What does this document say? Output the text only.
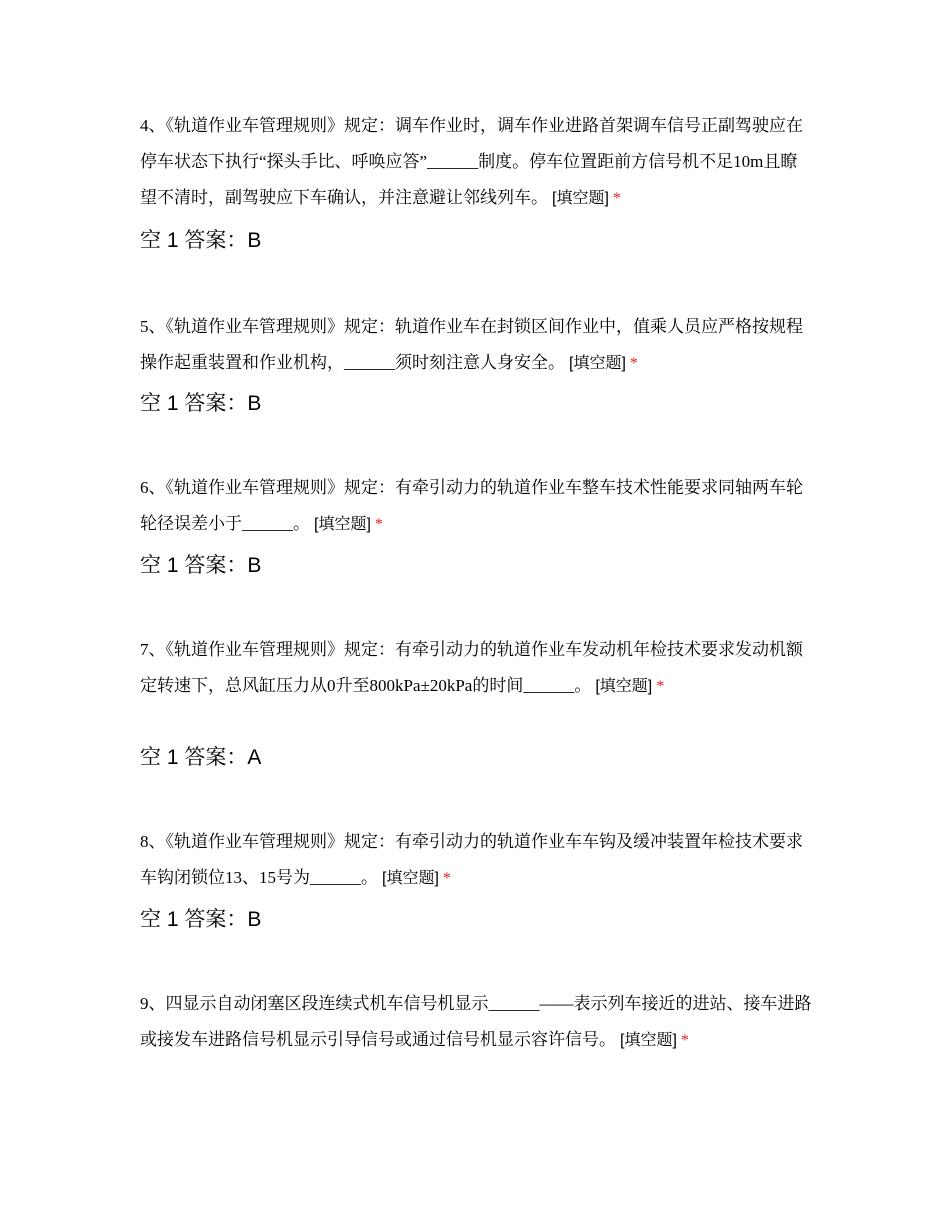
4、《轨道作业车管理规则》规定：调车作业时，调车作业进路首架调车信号正副驾驶应在停车状态下执行“探头手比、呼唤应答”______制度。停车位置距前方信号机不足10m且瞭望不清时，副驾驶应下车确认，并注意避让邻线列车。 [填空题] *
空 1 答案：B
5、《轨道作业车管理规则》规定：轨道作业车在封锁区间作业中，值乘人员应严格按规程操作起重装置和作业机构，______须时刻注意人身安全。 [填空题] *
空 1 答案：B
6、《轨道作业车管理规则》规定：有牵引动力的轨道作业车整车技术性能要求同轴两车轮轮径误差小于______。 [填空题] *
空 1 答案：B
7、《轨道作业车管理规则》规定：有牵引动力的轨道作业车发动机年检技术要求发动机额定转速下，总风缸压力从0升至800kPa±20kPa的时间______。 [填空题] *
空 1 答案：A
8、《轨道作业车管理规则》规定：有牵引动力的轨道作业车车钩及缓冲装置年检技术要求车钩闭锁位13、15号为______。 [填空题] *
空 1 答案：B
9、四显示自动闭塞区段连续式机车信号机显示______——表示列车接近的进站、接车进路或接发车进路信号机显示引导信号或通过信号机显示容许信号。 [填空题] *
